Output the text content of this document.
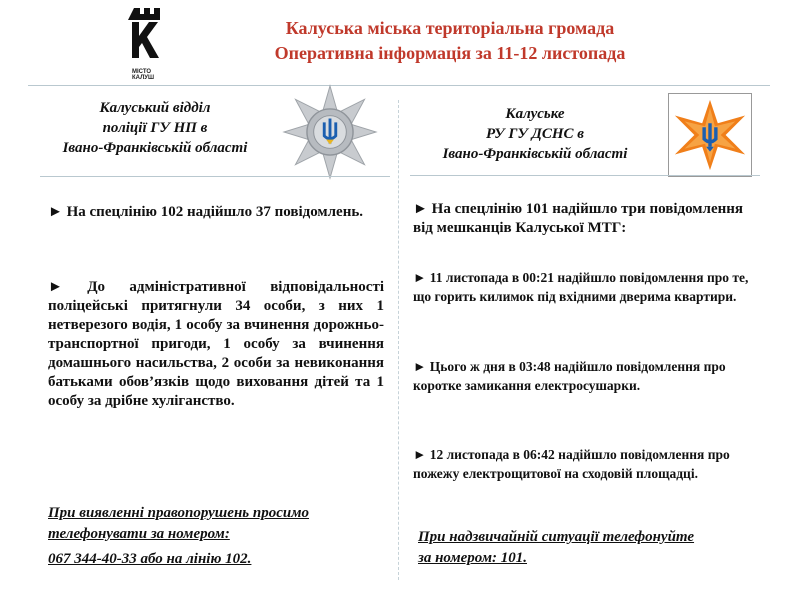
МІСТО
КАЛУШ
Калуська міська територіальна громада
Оперативна інформація за 11-12 листопада
Калуський відділ
поліції ГУ НП в
Івано-Франківській області
Калуське
РУ ГУ ДСНС в
Івано-Франківській області
► На спецлінію 102 надійшло 37 повідомлень.
► До адміністративної відповідальності поліцейські притягнули 34 особи, з них 1 нетверезого водія, 1 особу за вчинення дорожньо-транспортної пригоди, 1 особу за вчинення домашнього насильства, 2 особи за невиконання батьками обов’язків щодо виховання дітей та 1 особу за дрібне хуліганство.
При виявленні правопорушень просимо телефонувати за номером:
067 344-40-33 або на лінію 102.
► На спецлінію 101 надійшло три повідомлення від мешканців Калуської МТГ:
► 11 листопада в 00:21 надійшло повідомлення про те, що горить килимок під вхідними дверима квартири.
► Цього ж дня в 03:48 надійшло повідомлення про коротке замикання електросушарки.
► 12 листопада в 06:42 надійшло повідомлення про пожежу електрощитової на сходовій площадці.
При надзвичайній ситуації телефонуйте
за номером: 101.
